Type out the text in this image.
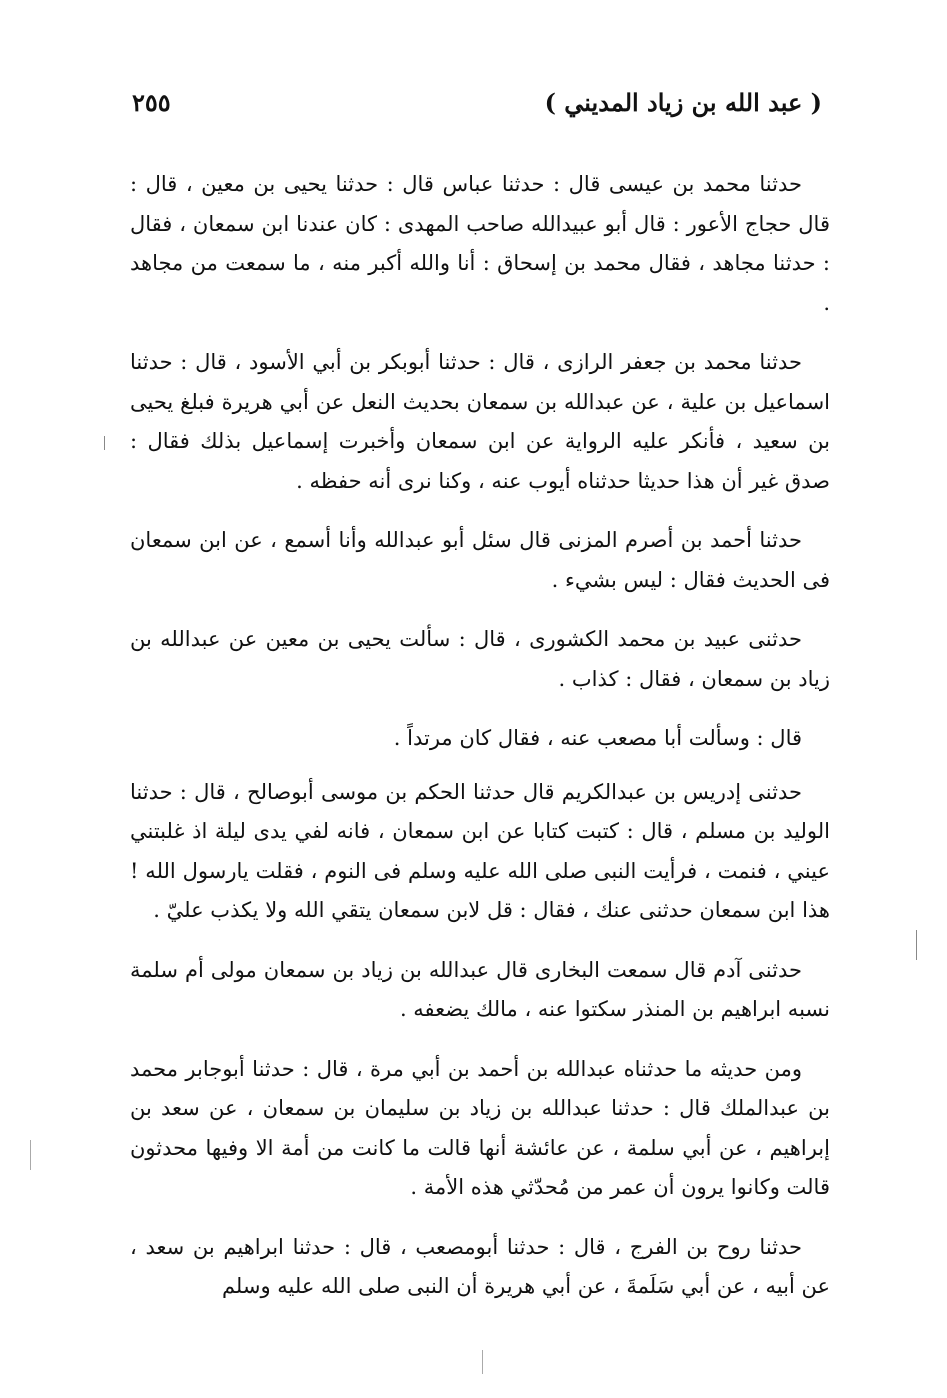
( عبد الله بن زياد المديني )
٢٥٥

حدثنا محمد بن عيسى قال : حدثنا عباس قال : حدثنا يحيى بن معين ، قال : قال حجاج الأعور : قال أبو عبيدالله صاحب المهدى : كان عندنا ابن سمعان ، فقال : حدثنا مجاهد ، فقال محمد بن إسحاق : أنا والله أكبر منه ، ما سمعت من مجاهد .

حدثنا محمد بن جعفر الرازى ، قال : حدثنا أبوبكر بن أبي الأسود ، قال : حدثنا اسماعيل بن علية ، عن عبدالله بن سمعان بحديث النعل عن أبي هريرة فبلغ يحيى بن سعيد ، فأنكر عليه الرواية عن ابن سمعان وأخبرت إسماعيل بذلك فقال : صدق غير أن هذا حديثا حدثناه أيوب عنه ، وكنا نرى أنه حفظه .

حدثنا أحمد بن أصرم المزنى قال سئل أبو عبدالله وأنا أسمع ، عن ابن سمعان فى الحديث فقال : ليس بشيء .

حدثنى عبيد بن محمد الكشورى ، قال : سألت يحيى بن معين عن عبدالله بن زياد بن سمعان ، فقال : كذاب .

قال : وسألت أبا مصعب عنه ، فقال كان مرتداً .

حدثنى إدريس بن عبدالكريم قال حدثنا الحكم بن موسى أبوصالح ، قال : حدثنا الوليد بن مسلم ، قال : كتبت كتابا عن ابن سمعان ، فانه لفي يدى ليلة اذ غلبتني عيني ، فنمت ، فرأيت النبى صلى الله عليه وسلم فى النوم ، فقلت يارسول الله ! هذا ابن سمعان حدثنى عنك ، فقال : قل لابن سمعان يتقي الله ولا يكذب عليّ .

حدثنى آدم قال سمعت البخارى قال عبدالله بن زياد بن سمعان مولى أم سلمة نسبه ابراهيم بن المنذر سكتوا عنه ، مالك يضعفه .

ومن حديثه ما حدثناه عبدالله بن أحمد بن أبي مرة ، قال : حدثنا أبوجابر محمد بن عبدالملك قال : حدثنا عبدالله بن زياد بن سليمان بن سمعان ، عن سعد بن إبراهيم ، عن أبي سلمة ، عن عائشة أنها قالت ما كانت من أمة الا وفيها محدثون قالت وكانوا يرون أن عمر من مُحدّثي هذه الأمة .

حدثنا روح بن الفرج ، قال : حدثنا أبومصعب ، قال : حدثنا ابراهيم بن سعد ، عن أبيه ، عن أبي سَلَمةَ ، عن أبي هريرة أن النبى صلى الله عليه وسلم
